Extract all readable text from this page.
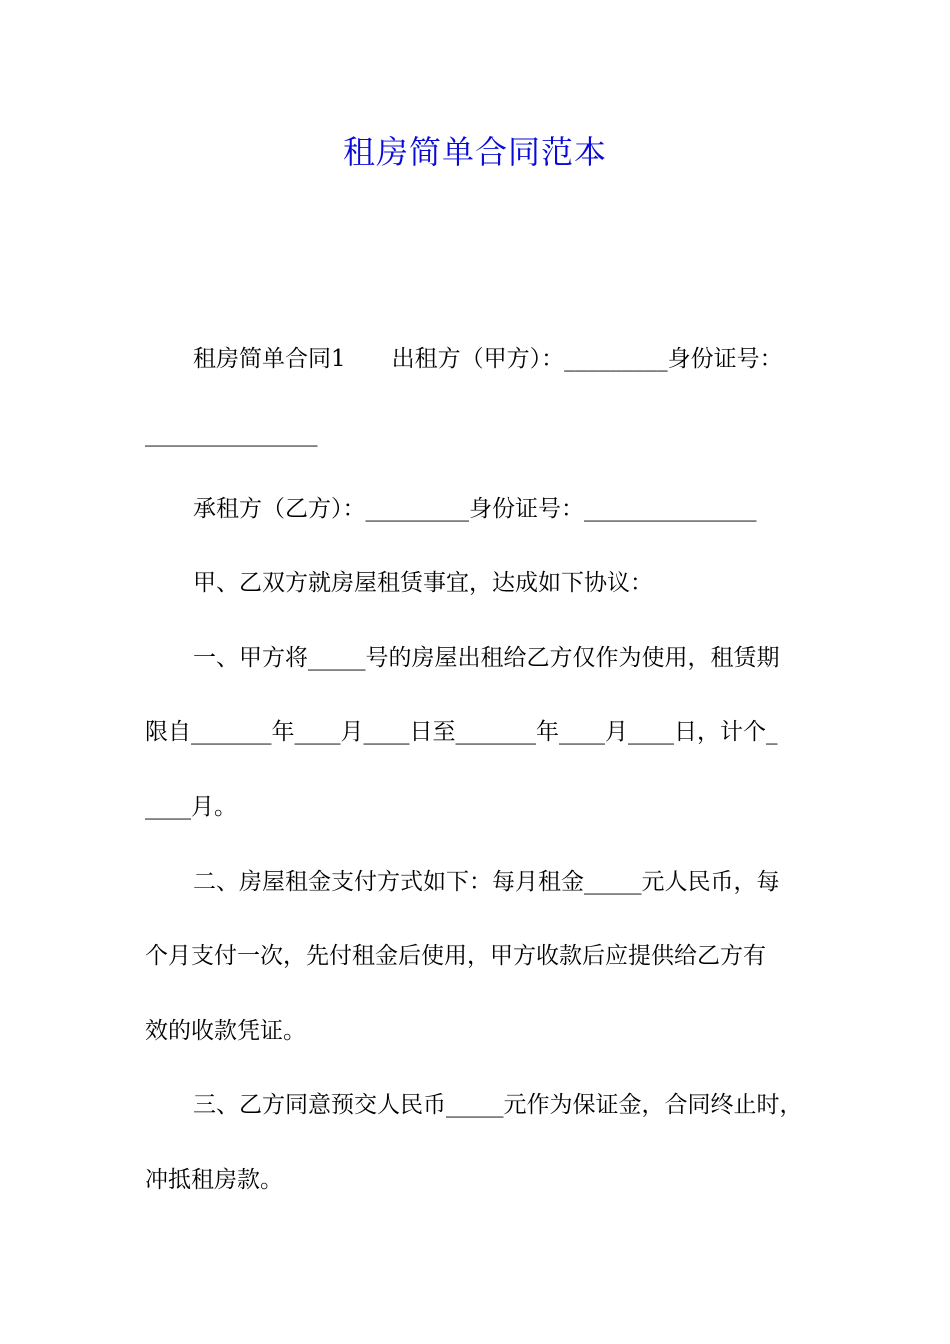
租房简单合同范本
租房简单合同1　　出租方（甲方）：_________身份证号：
_______________
承租方（乙方）：_________身份证号：_______________
甲、乙双方就房屋租赁事宜，达成如下协议：
一、甲方将_____号的房屋出租给乙方仅作为使用，租赁期
限自_______年____月____日至_______年____月____日，计个_
____月。
二、房屋租金支付方式如下：每月租金_____元人民币，每
个月支付一次，先付租金后使用，甲方收款后应提供给乙方有
效的收款凭证。
三、乙方同意预交人民币_____元作为保证金，合同终止时，
冲抵租房款。
